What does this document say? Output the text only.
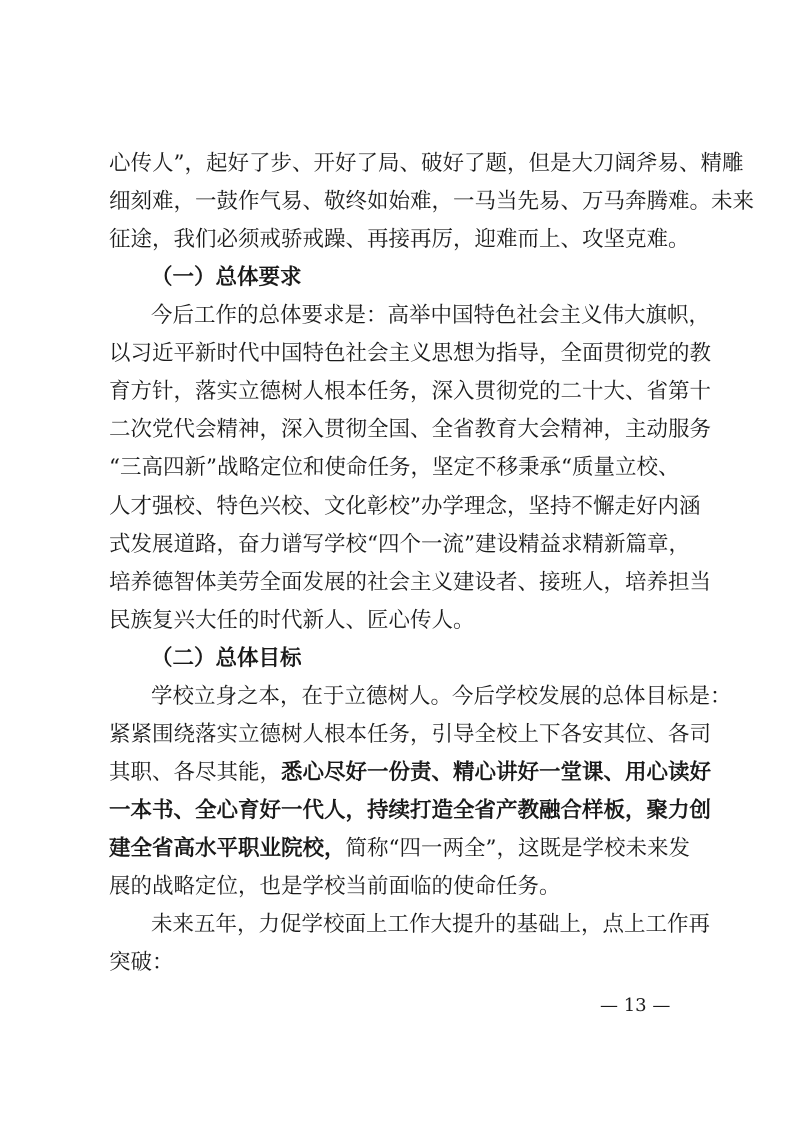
心传人”，起好了步、开好了局、破好了题，但是大刀阔斧易、精雕
细刻难，一鼓作气易、敬终如始难，一马当先易、万马奔腾难。未来
征途，我们必须戒骄戒躁、再接再厉，迎难而上、攻坚克难。
（一）总体要求
今后工作的总体要求是：高举中国特色社会主义伟大旗帜，
以习近平新时代中国特色社会主义思想为指导，全面贯彻党的教
育方针，落实立德树人根本任务，深入贯彻党的二十大、省第十
二次党代会精神，深入贯彻全国、全省教育大会精神，主动服务
“三高四新”战略定位和使命任务，坚定不移秉承“质量立校、
人才强校、特色兴校、文化彰校”办学理念，坚持不懈走好内涵
式发展道路，奋力谱写学校“四个一流”建设精益求精新篇章，
培养德智体美劳全面发展的社会主义建设者、接班人，培养担当
民族复兴大任的时代新人、匠心传人。
（二）总体目标
学校立身之本，在于立德树人。今后学校发展的总体目标是：
紧紧围绕落实立德树人根本任务，引导全校上下各安其位、各司
其职、各尽其能，悉心尽好一份责、精心讲好一堂课、用心读好
一本书、全心育好一代人，持续打造全省产教融合样板，聚力创
建全省高水平职业院校，简称“四一两全”，这既是学校未来发
展的战略定位，也是学校当前面临的使命任务。
未来五年，力促学校面上工作大提升的基础上，点上工作再
突破：
— 13 —
